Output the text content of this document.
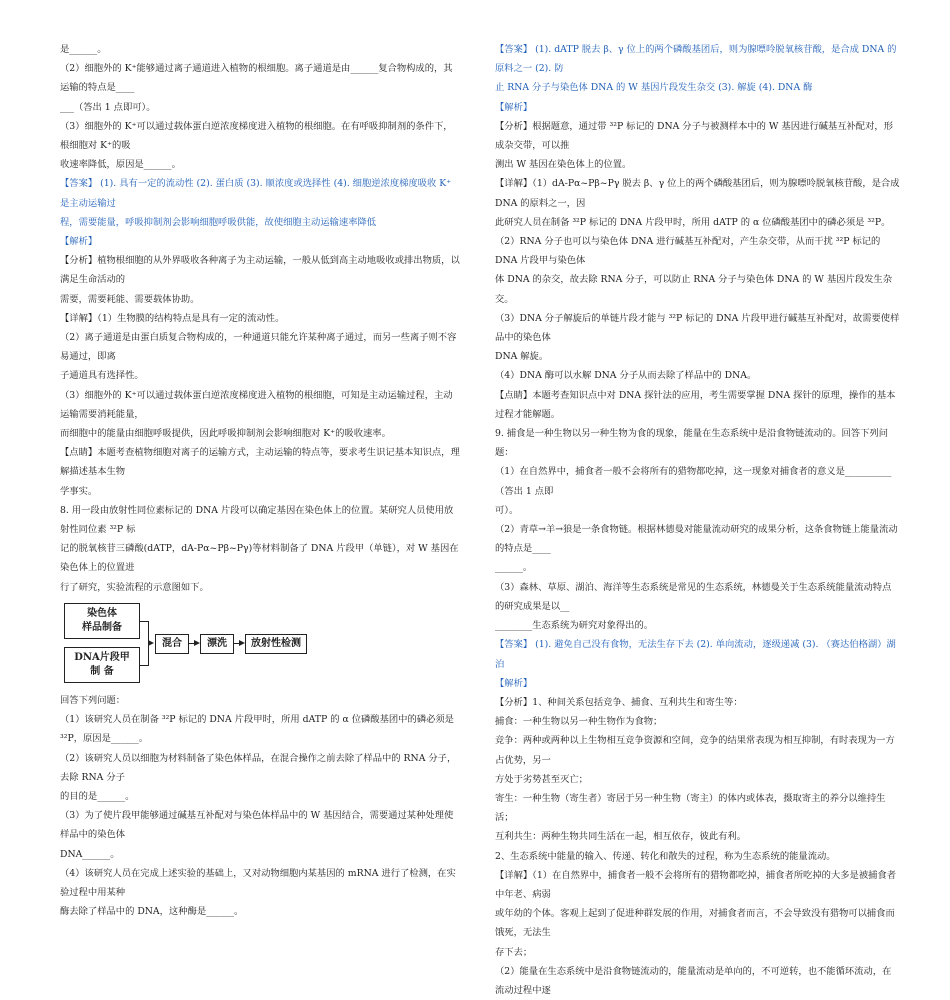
是______。

（2）细胞外的 K⁺能够通过离子通道进入植物的根细胞。离子通道是由______复合物构成的，其运输的特点是____

___（答出 1 点即可）。

（3）细胞外的 K⁺可以通过载体蛋白逆浓度梯度进入植物的根细胞。在有呼吸抑制剂的条件下，根细胞对 K⁺的吸

收速率降低，原因是______。

【答案】 (1). 具有一定的流动性 (2). 蛋白质 (3). 顺浓度或选择性 (4). 细胞逆浓度梯度吸收 K⁺是主动运输过

程，需要能量，呼吸抑制剂会影响细胞呼吸供能，故使细胞主动运输速率降低

【解析】

【分析】植物根细胞的从外界吸收各种离子为主动运输，一般从低到高主动地吸收或排出物质，以满足生命活动的

需要，需要耗能、需要载体协助。

【详解】（1）生物膜的结构特点是具有一定的流动性。

（2）离子通道是由蛋白质复合物构成的，一种通道只能允许某种离子通过，而另一些离子则不容易通过，即离

子通道具有选择性。

（3）细胞外的 K⁺可以通过载体蛋白逆浓度梯度进入植物的根细胞，可知是主动运输过程，主动运输需要消耗能量，

而细胞中的能量由细胞呼吸提供，因此呼吸抑制剂会影响细胞对 K⁺的吸收速率。

【点睛】本题考查植物细胞对离子的运输方式，主动运输的特点等，要求考生识记基本知识点，理解描述基本生物

学事实。

8. 用一段由放射性同位素标记的 DNA 片段可以确定基因在染色体上的位置。某研究人员使用放射性同位素 ³²P 标

记的脱氧核苷三磷酸(dATP，dA-Pα~Pβ~Pγ)等材料制备了 DNA 片段甲（单链），对 W 基因在染色体上的位置进

行了研究，实验流程的示意图如下。

染色体
样品制备
DNA片段甲
制 备
混合	漂洗	放射性检测

回答下列问题：

（1）该研究人员在制备 ³²P 标记的 DNA 片段甲时，所用 dATP 的 α 位磷酸基团中的磷必须是 ³²P，原因是______。

（2）该研究人员以细胞为材料制备了染色体样品，在混合操作之前去除了样品中的 RNA 分子，去除 RNA 分子

的目的是______。

（3）为了使片段甲能够通过碱基互补配对与染色体样品中的 W 基因结合，需要通过某种处理使样品中的染色体

DNA______。

（4）该研究人员在完成上述实验的基础上，又对动物细胞内某基因的 mRNA 进行了检测，在实验过程中用某种

酶去除了样品中的 DNA，这种酶是______。

【答案】 (1). dATP 脱去 β、γ 位上的两个磷酸基团后，则为腺嘌呤脱氧核苷酸，是合成 DNA 的原料之一 (2). 防

止 RNA 分子与染色体 DNA 的 W 基因片段发生杂交 (3). 解旋 (4). DNA 酶

【解析】

【分析】根据题意，通过带 ³²P 标记的 DNA 分子与被测样本中的 W 基因进行碱基互补配对，形成杂交带，可以推

测出 W 基因在染色体上的位置。

【详解】（1）dA-Pα~Pβ~Pγ 脱去 β、γ 位上的两个磷酸基团后，则为腺嘌呤脱氧核苷酸，是合成 DNA 的原料之一，因

此研究人员在制备 ³²P 标记的 DNA 片段甲时，所用 dATP 的 α 位磷酸基团中的磷必须是 ³²P。

（2）RNA 分子也可以与染色体 DNA 进行碱基互补配对，产生杂交带，从而干扰 ³²P 标记的 DNA 片段甲与染色体

体 DNA 的杂交，故去除 RNA 分子，可以防止 RNA 分子与染色体 DNA 的 W 基因片段发生杂交。

（3）DNA 分子解旋后的单链片段才能与 ³²P 标记的 DNA 片段甲进行碱基互补配对，故需要使样品中的染色体

DNA 解旋。

（4）DNA 酶可以水解 DNA 分子从而去除了样品中的 DNA。

【点睛】本题考查知识点中对 DNA 探针法的应用，考生需要掌握 DNA 探针的原理，操作的基本过程才能解题。

9. 捕食是一种生物以另一种生物为食的现象，能量在生态系统中是沿食物链流动的。回答下列问题：

（1）在自然界中，捕食者一般不会将所有的猎物都吃掉，这一现象对捕食者的意义是__________（答出 1 点即

可）。

（2）青草→羊→狼是一条食物链。根据林德曼对能量流动研究的成果分析，这条食物链上能量流动的特点是____

______。

（3）森林、草原、湖泊、海洋等生态系统是常见的生态系统，林德曼关于生态系统能量流动特点的研究成果是以__

________生态系统为研究对象得出的。

【答案】 (1). 避免自己没有食物，无法生存下去 (2). 单向流动，逐级递减 (3). （赛达伯格湖）湖泊

【解析】

【分析】1、种间关系包括竞争、捕食、互利共生和寄生等：

捕食：一种生物以另一种生物作为食物；

竞争：两种或两种以上生物相互竞争资源和空间，竞争的结果常表现为相互抑制，有时表现为一方占优势，另一

方处于劣势甚至灭亡；

寄生：一种生物（寄生者）寄居于另一种生物（寄主）的体内或体表，摄取寄主的养分以维持生活；

互利共生：两种生物共同生活在一起，相互依存，彼此有利。

2、生态系统中能量的输入、传递、转化和散失的过程，称为生态系统的能量流动。

【详解】（1）在自然界中，捕食者一般不会将所有的猎物都吃掉，捕食者所吃掉的大多是被捕食者中年老、病弱

或年幼的个体。客观上起到了促进种群发展的作用，对捕食者而言，不会导致没有猎物可以捕食而饿死，无法生

存下去；

（2）能量在生态系统中是沿食物链流动的，能量流动是单向的，不可逆转，也不能循环流动，在流动过程中逐
